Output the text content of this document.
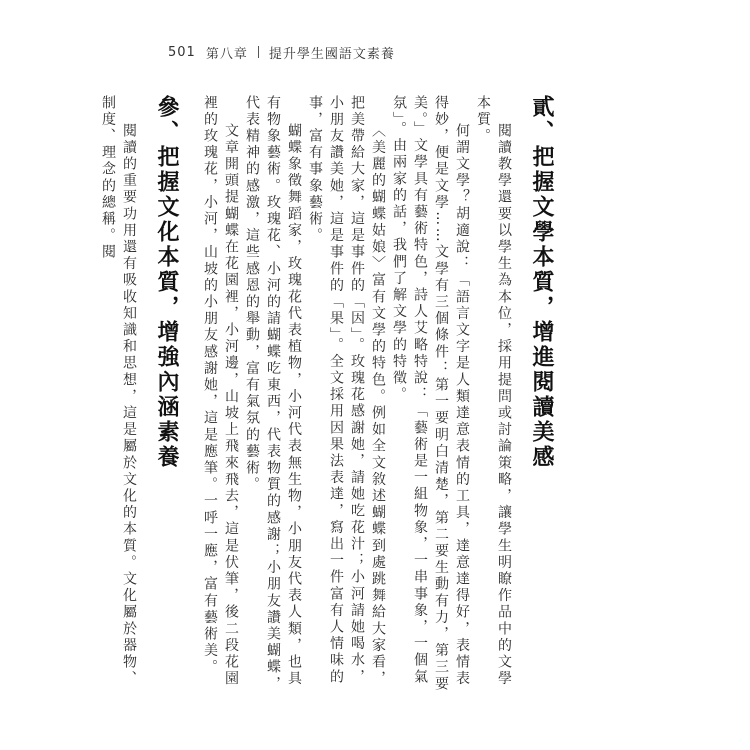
501 第八章 提升學生國語文素養
貳、把握文學本質，增進閱讀美感
閱讀教學還要以學生為本位，採用提問或討論策略，讓學生明瞭作品中的文學本質。
何謂文學？胡適說：「語言文字是人類達意表情的工具，達意達得好，表情表得妙，便是文學……文學有三個條件：第一要明白清楚，第二要生動有力，第三要美。」文學具有藝術特色，詩人艾略特說：「藝術是一組物象，一串事象，一個氣氛」。由兩家的話，我們了解文學的特徵。
〈美麗的蝴蝶姑娘〉富有文學的特色。例如全文敘述蝴蝶到處跳舞給大家看，把美帶給大家，這是事件的「因」。玫瑰花感謝她，請她吃花汁；小河請她喝水，小朋友讚美她，這是事件的「果」。全文採用因果法表達，寫出一件富有人情味的事，富有事象藝術。
蝴蝶象徵舞蹈家，玫瑰花代表植物，小河代表無生物，小朋友代表人類，也具有物象藝術。玫瑰花、小河的請蝴蝶吃東西，代表物質的感謝；小朋友讚美蝴蝶，代表精神的感激，這些感恩的舉動，富有氣氛的藝術。
文章開頭提蝴蝶在花園裡，小河邊，山坡上飛來飛去，這是伏筆，後二段花園裡的玫瑰花，小河，山坡的小朋友感謝她，這是應筆。一呼一應，富有藝術美。
參、把握文化本質，增強內涵素養
閱讀的重要功用還有吸收知識和思想，這是屬於文化的本質。文化屬於器物、制度、理念的總稱。閱
